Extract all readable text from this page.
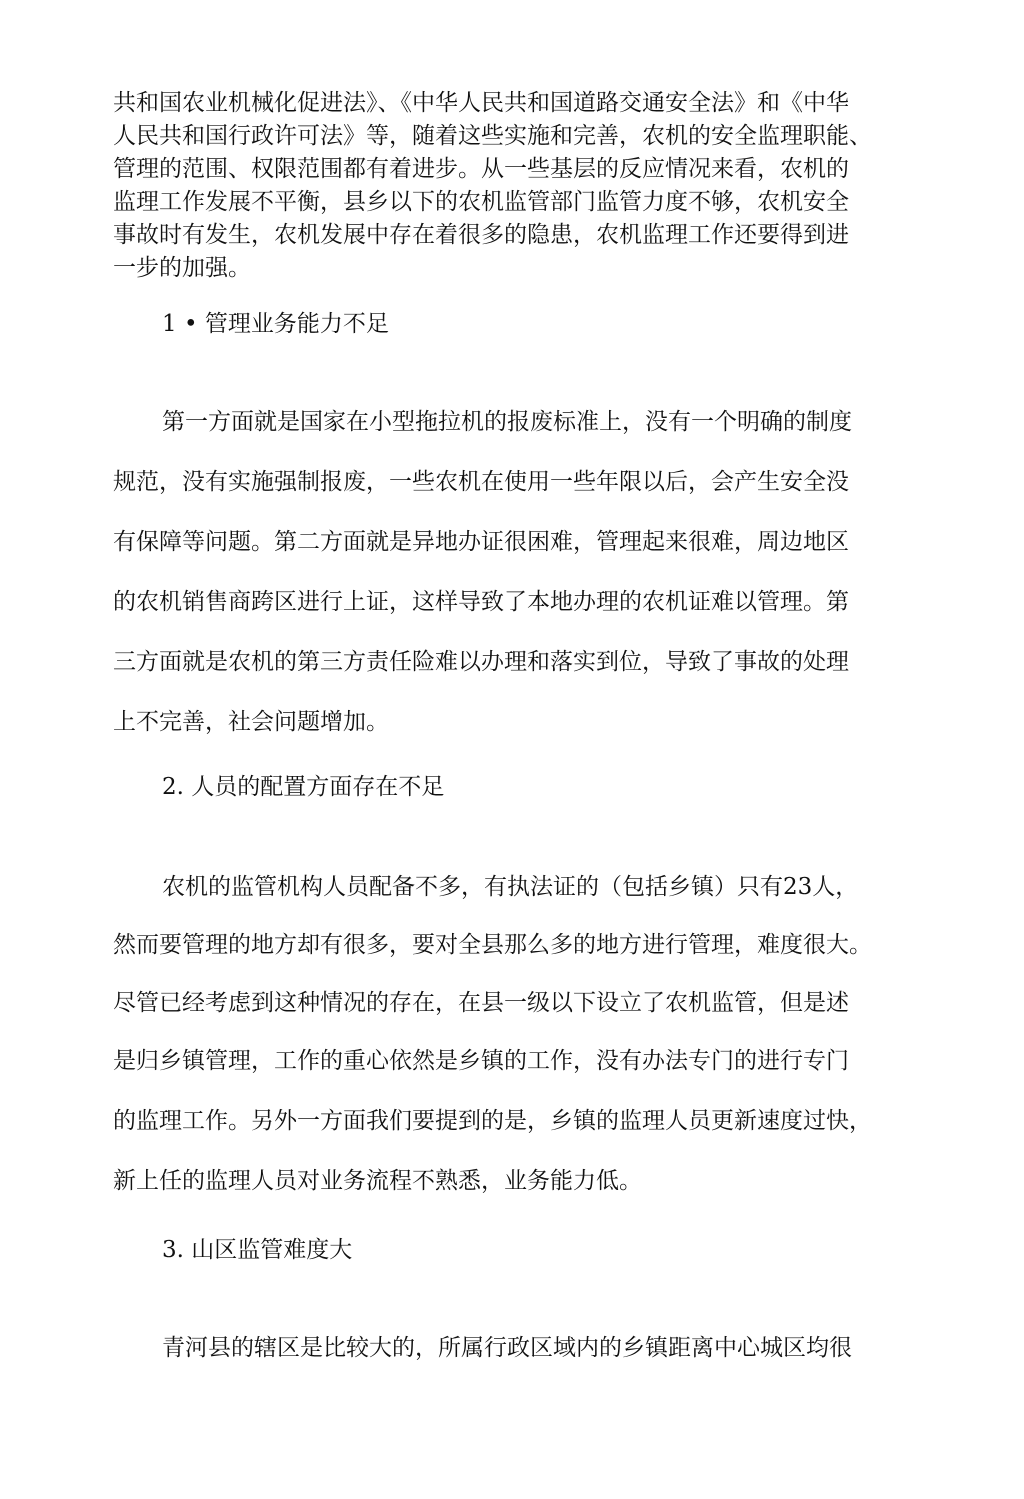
共和国农业机械化促进法》、《中华人民共和国道路交通安全法》和《中华
人民共和国行政许可法》等，随着这些实施和完善，农机的安全监理职能、
管理的范围、权限范围都有着进步。从一些基层的反应情况来看，农机的
监理工作发展不平衡，县乡以下的农机监管部门监管力度不够，农机安全
事故时有发生，农机发展中存在着很多的隐患，农机监理工作还要得到进
一步的加强。
1 • 管理业务能力不足
第一方面就是国家在小型拖拉机的报废标准上，没有一个明确的制度
规范，没有实施强制报废，一些农机在使用一些年限以后，会产生安全没
有保障等问题。第二方面就是异地办证很困难，管理起来很难，周边地区
的农机销售商跨区进行上证，这样导致了本地办理的农机证难以管理。第
三方面就是农机的第三方责任险难以办理和落实到位，导致了事故的处理
上不完善，社会问题增加。
2. 人员的配置方面存在不足
农机的监管机构人员配备不多，有执法证的（包括乡镇）只有23人，
然而要管理的地方却有很多，要对全县那么多的地方进行管理，难度很大。
尽管已经考虑到这种情况的存在，在县一级以下设立了农机监管，但是述
是归乡镇管理，工作的重心依然是乡镇的工作，没有办法专门的进行专门
的监理工作。另外一方面我们要提到的是，乡镇的监理人员更新速度过快，
新上任的监理人员对业务流程不熟悉，业务能力低。
3. 山区监管难度大
青河县的辖区是比较大的，所属行政区域内的乡镇距离中心城区均很
